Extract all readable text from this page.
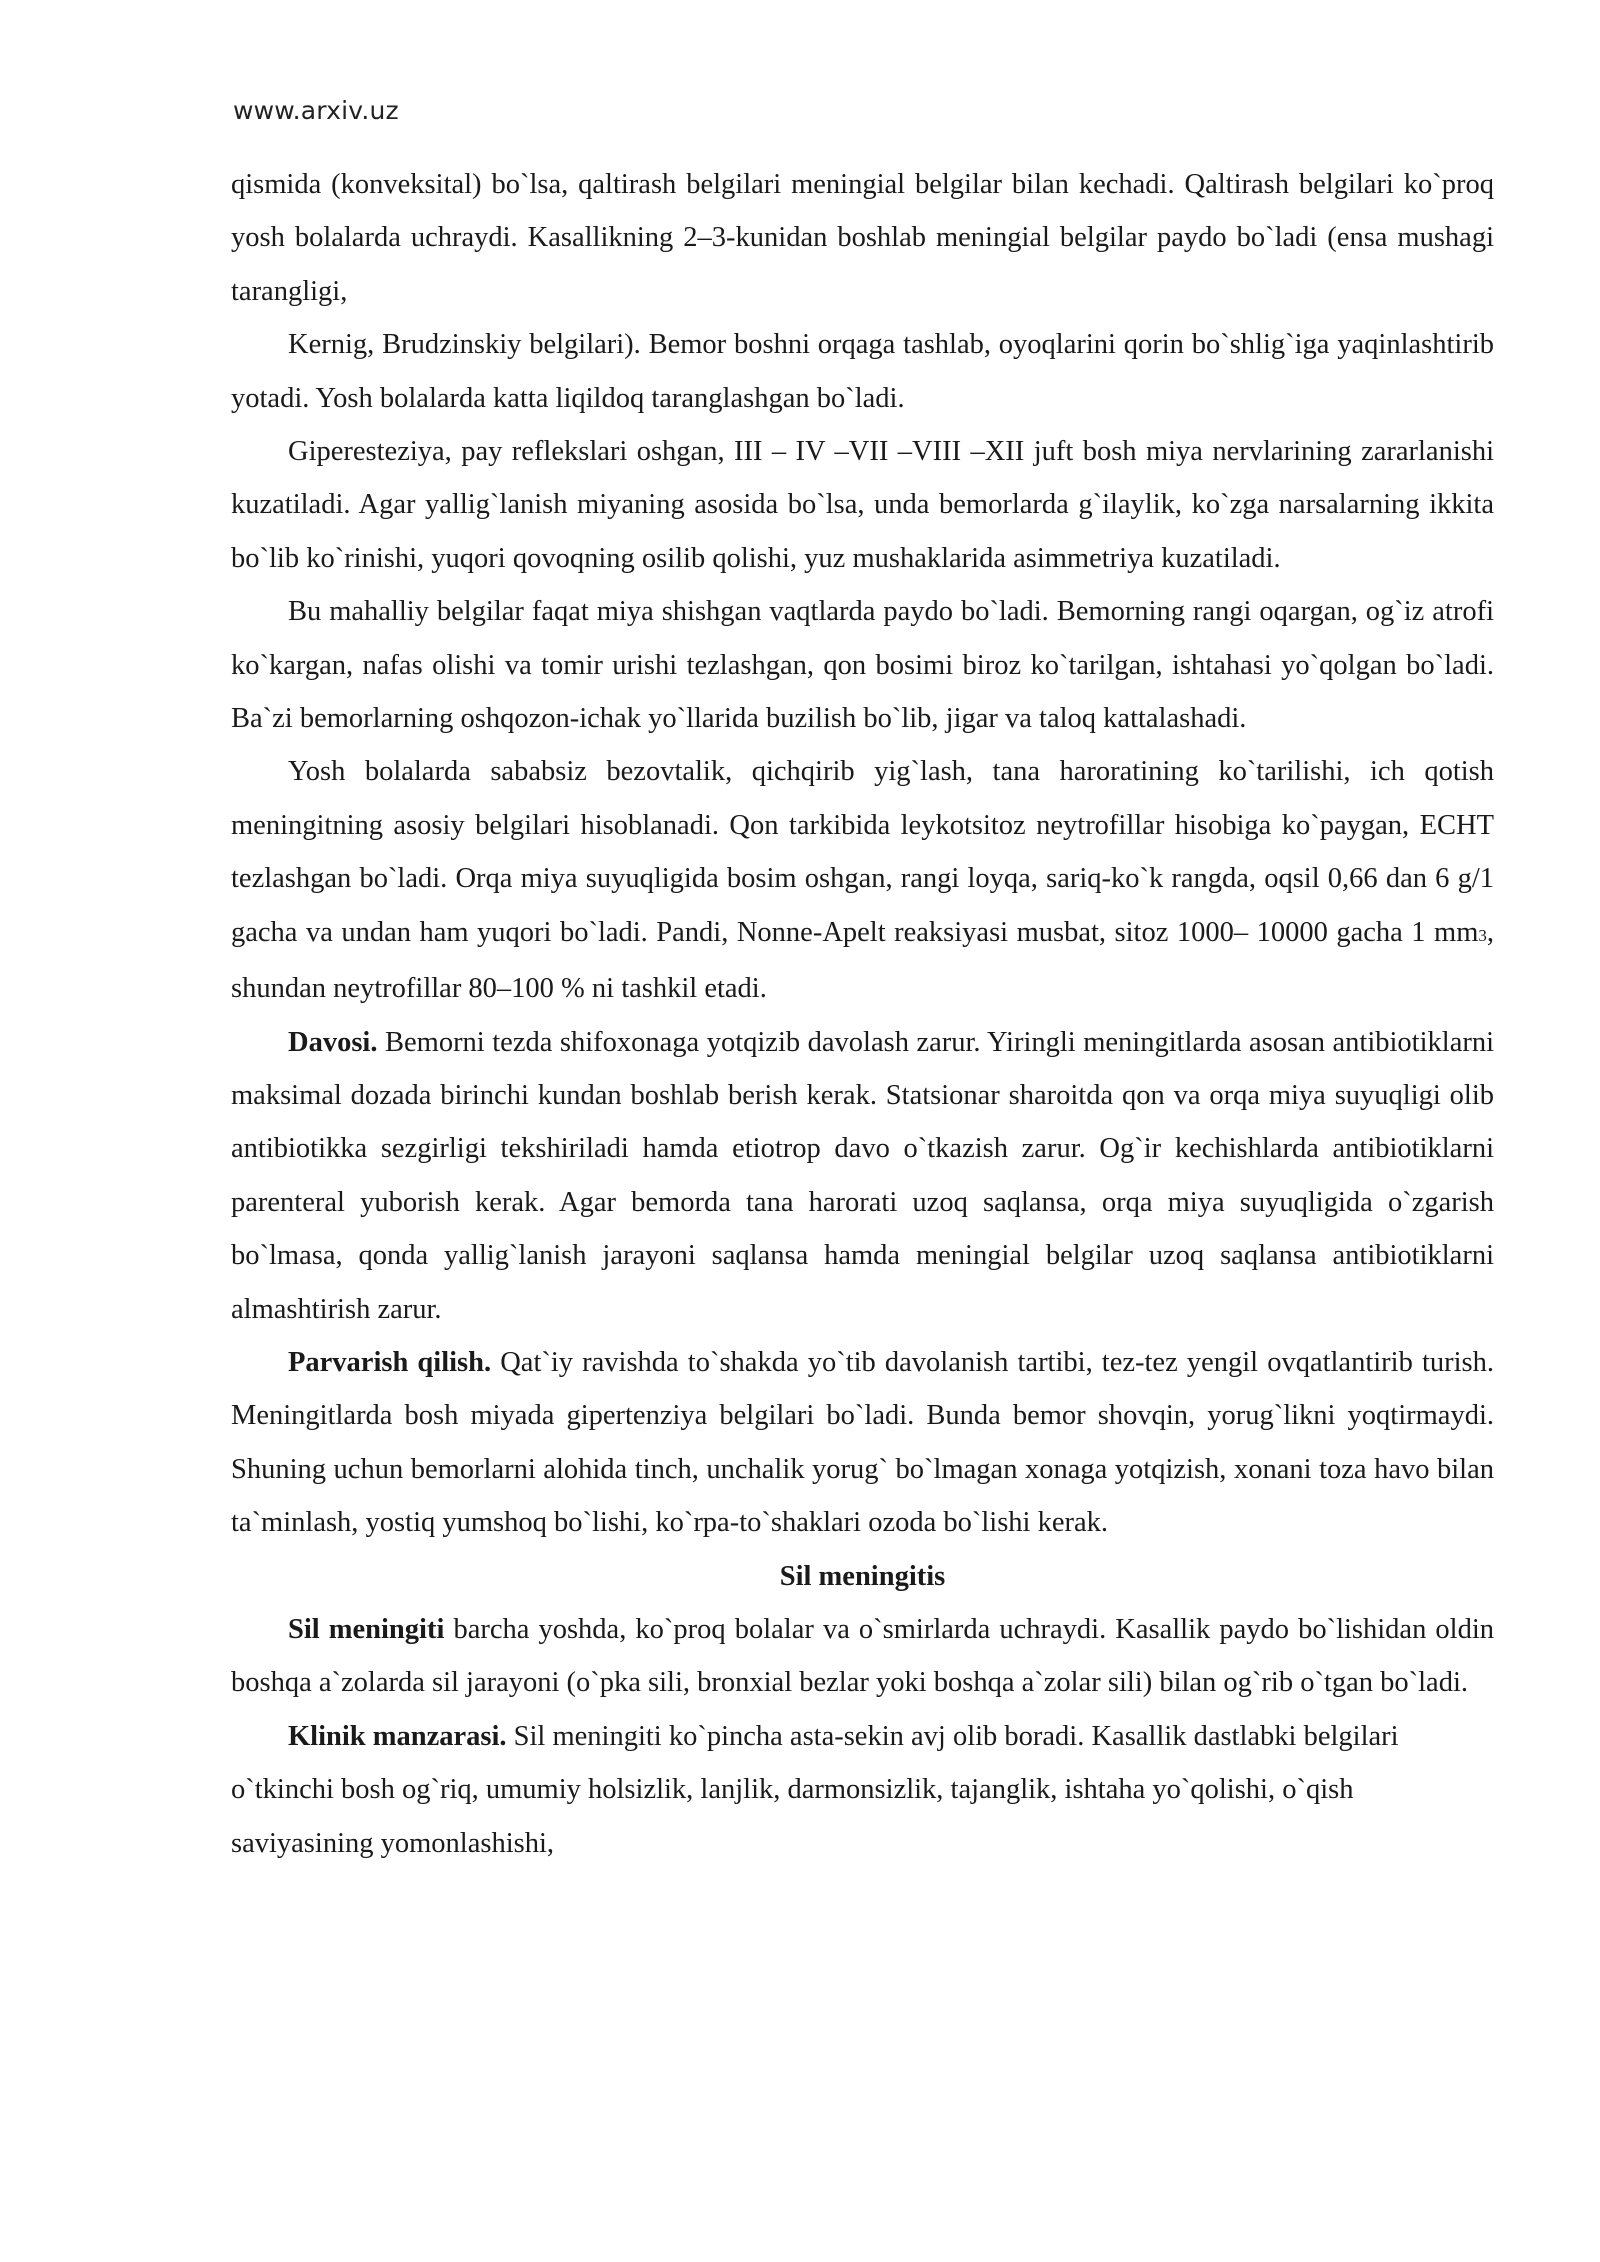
www.arxiv.uz

qismida (konveksital) bo`lsa, qaltirash belgilari meningial belgilar bilan kechadi. Qaltirash belgilari ko`proq yosh bolalarda uchraydi. Kasallikning 2–3-kunidan boshlab meningial belgilar paydo bo`ladi (ensa mushagi tarangligi,

Kernig, Brudzinskiy belgilari). Bemor boshni orqaga tashlab, oyoqlarini qorin bo`shlig`iga yaqinlashtirib yotadi. Yosh bolalarda katta liqildoq taranglashgan bo`ladi.

Giperesteziya, pay reflekslari oshgan, III – IV –VII –VIII –XII juft bosh miya nervlarining zararlanishi kuzatiladi. Agar yallig`lanish miyaning asosida bo`lsa, unda bemorlarda g`ilaylik, ko`zga narsalarning ikkita bo`lib ko`rinishi, yuqori qovoqning osilib qolishi, yuz mushaklarida asimmetriya kuzatiladi.

Bu mahalliy belgilar faqat miya shishgan vaqtlarda paydo bo`ladi. Bemorning rangi oqargan, og`iz atrofi ko`kargan, nafas olishi va tomir urishi tezlashgan, qon bosimi biroz ko`tarilgan, ishtahasi yo`qolgan bo`ladi. Ba`zi bemorlarning oshqozon-ichak yo`llarida buzilish bo`lib, jigar va taloq kattalashadi.

Yosh bolalarda sababsiz bezovtalik, qichqirib yig`lash, tana haroratining ko`tarilishi, ich qotish meningitning asosiy belgilari hisoblanadi. Qon tarkibida leykotsitoz neytrofillar hisobiga ko`paygan, ECHT tezlashgan bo`ladi. Orqa miya suyuqligida bosim oshgan, rangi loyqa, sariq-ko`k rangda, oqsil 0,66 dan 6 g/1 gacha va undan ham yuqori bo`ladi. Pandi, Nonne-Apelt reaksiyasi musbat, sitoz 1000– 10000 gacha 1 mm3, shundan neytrofillar 80–100 % ni tashkil etadi.

Davosi. Bemorni tezda shifoxonaga yotqizib davolash zarur. Yiringli meningitlarda asosan antibiotiklarni maksimal dozada birinchi kundan boshlab berish kerak. Statsionar sharoitda qon va orqa miya suyuqligi olib antibiotikka sezgirligi tekshiriladi hamda etiotrop davo o`tkazish zarur. Og`ir kechishlarda antibiotiklarni parenteral yuborish kerak. Agar bemorda tana harorati uzoq saqlansa, orqa miya suyuqligida o`zgarish bo`lmasa, qonda yallig`lanish jarayoni saqlansa hamda meningial belgilar uzoq saqlansa antibiotiklarni almashtirish zarur.

Parvarish qilish. Qat`iy ravishda to`shakda yo`tib davolanish tartibi, tez-tez yengil ovqatlantirib turish. Meningitlarda bosh miyada gipertenziya belgilari bo`ladi. Bunda bemor shovqin, yorug`likni yoqtirmaydi. Shuning uchun bemorlarni alohida tinch, unchalik yorug` bo`lmagan xonaga yotqizish, xonani toza havo bilan ta`minlash, yostiq yumshoq bo`lishi, ko`rpa-to`shaklari ozoda bo`lishi kerak.

Sil meningitis

Sil meningiti barcha yoshda, ko`proq bolalar va o`smirlarda uchraydi. Kasallik paydo bo`lishidan oldin boshqa a`zolarda sil jarayoni (o`pka sili, bronxial bezlar yoki boshqa a`zolar sili) bilan og`rib o`tgan bo`ladi.

Klinik manzarasi. Sil meningiti ko`pincha asta-sekin avj olib boradi. Kasallik dastlabki belgilari o`tkinchi bosh og`riq, umumiy holsizlik, lanjlik, darmonsizlik, tajanglik, ishtaha yo`qolishi, o`qish saviyasining yomonlashishi,
